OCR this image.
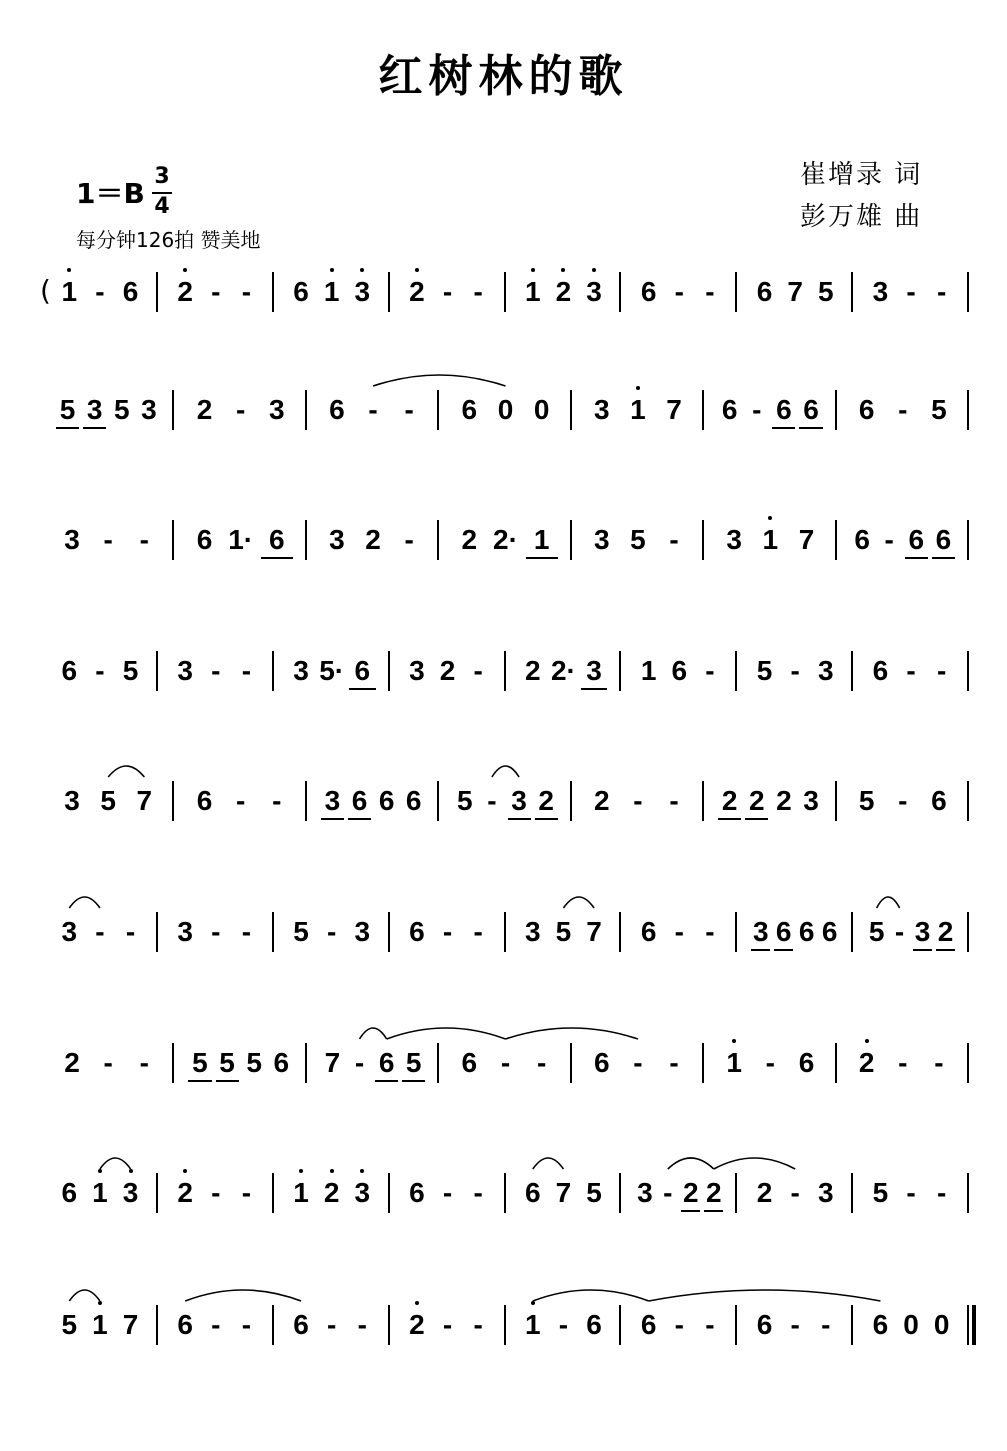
红树林的歌
崔增录 词
彭万雄 曲
1＝B
3
4
每分钟126拍 赞美地
1 - 6 2 - -	6 1 3 2 - -	1 2 3 6 - -	6 7 5 3 - -
5 3 5 3 2 - 3 6 - -	6 0 0 3 1 7 6 - 6 6 6 - 5
3 - -	6 1· 6 3 2 -	2 2· 1 3 5 -	3 1 7 6 - 6 6
6 - 5 3 - -	3 5· 6 3 2 -	2 2· 3 1 6 -	5 - 3 6 - -
3 5 7 6 - -	3 6 6 6 5 - 3 2 2 - -	2 2 2 3 5 - 6
3 - -	3 - -	5 - 3 6 - -	3 5 7 6 - -	3 6 6 6 5 - 3 2
2 - -	5 5 5 6 7 - 6 5 6 - -	6 - -	1 - 6 2 - -
6 1 3 2 - -	1 2 3 6 - -	6 7 5 3 - 2 2 2 - 3 5 - -
5 1 7 6 - -	6 - -	2 - -	1 - 6 6 - -	6 - -	6 0 0
(
